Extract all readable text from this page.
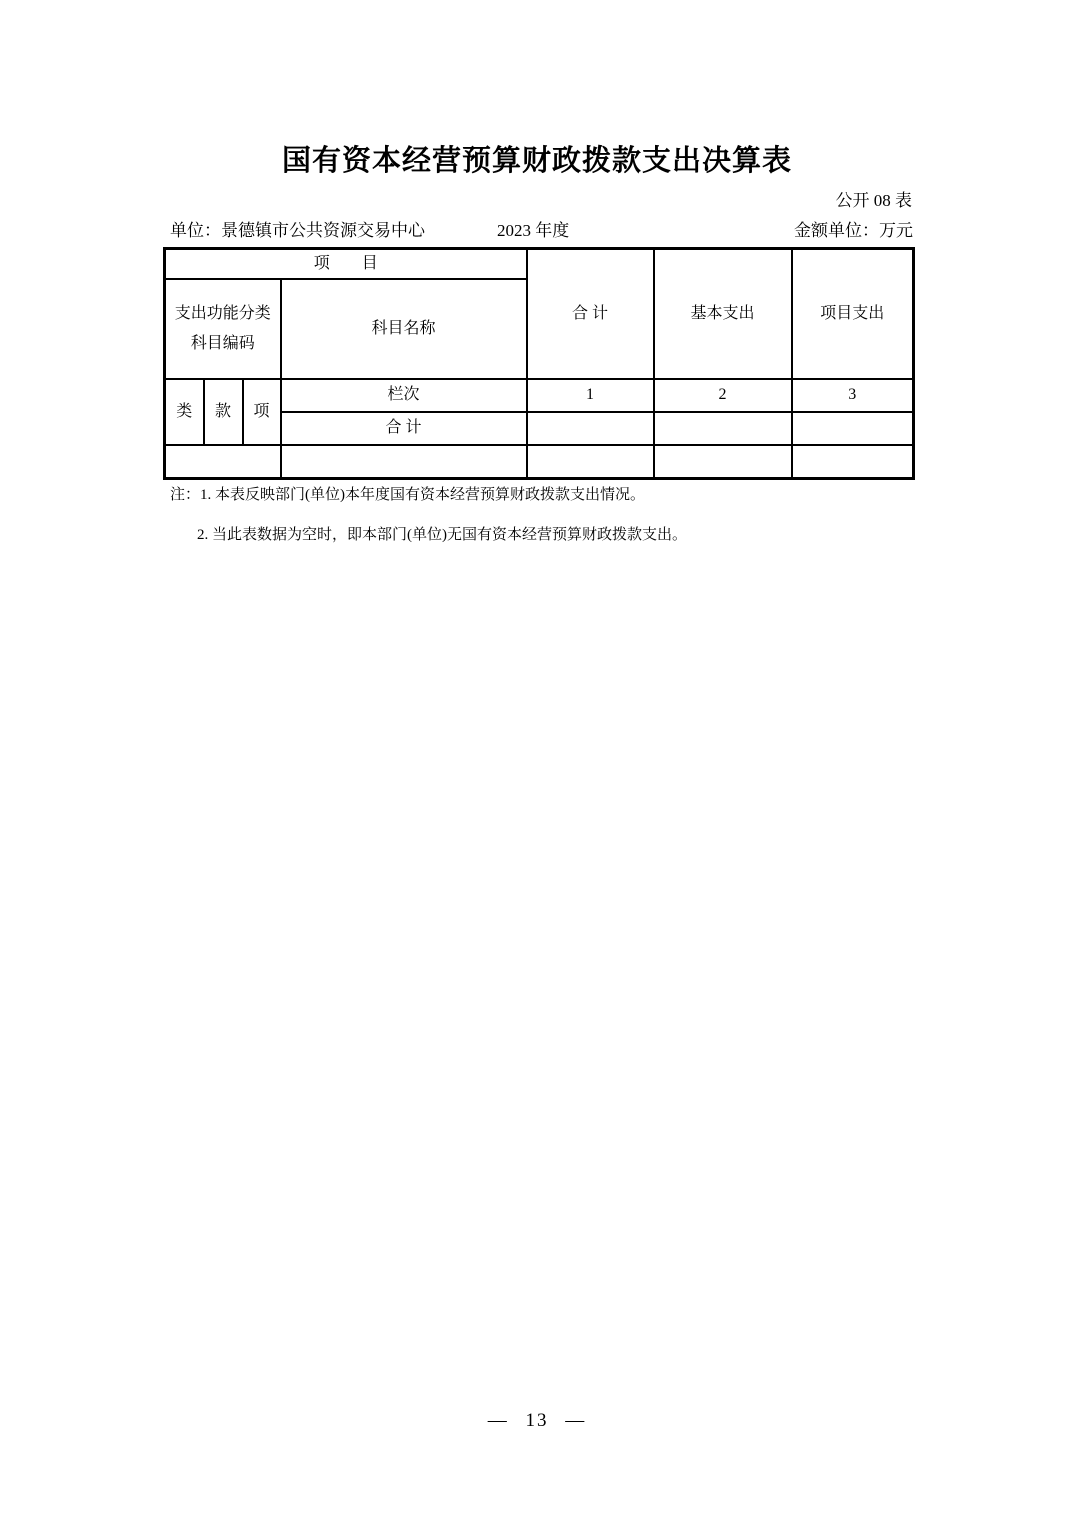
国有资本经营预算财政拨款支出决算表
公开 08 表
单位：景德镇市公共资源交易中心	2023 年度	金额单位：万元
项　　目				合 计	基本支出	项目支出

支出功能分类
科目编码			科目名称			
类	款	项	栏次	1	2	3
			合 计			

注：1. 本表反映部门(单位)本年度国有资本经营预算财政拨款支出情况。
2. 当此表数据为空时，即本部门(单位)无国有资本经营预算财政拨款支出。
— 13 —
